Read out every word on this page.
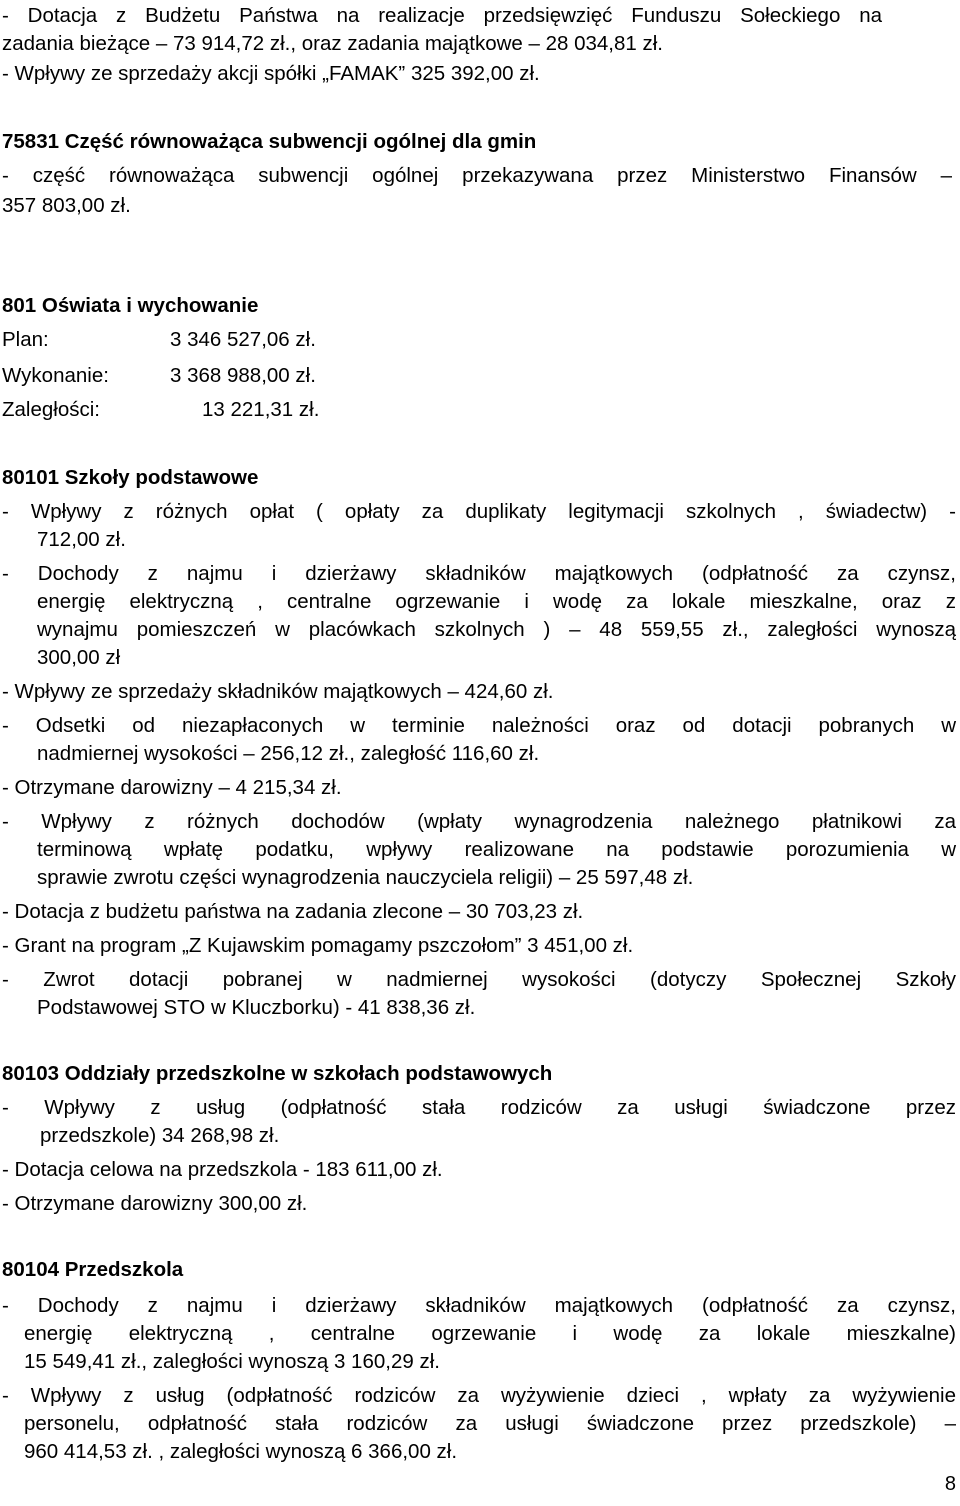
- Dotacja z Budżetu Państwa na realizacje przedsięwzięć Funduszu Sołeckiego na

zadania bieżące – 73 914,72 zł., oraz zadania majątkowe – 28 034,81 zł.

- Wpływy ze sprzedaży akcji spółki „FAMAK” 325 392,00 zł.

75831 Część równoważąca subwencji ogólnej dla gmin

- część równoważąca subwencji ogólnej przekazywana przez Ministerstwo Finansów –

357 803,00 zł.

801 Oświata i wychowanie

Plan:	3 346 527,06 zł.

Wykonanie:	3 368 988,00 zł.

Zaległości:	13 221,31 zł.

80101 Szkoły podstawowe

- Wpływy z różnych opłat ( opłaty za duplikaty legitymacji szkolnych , świadectw) -

712,00 zł.

- Dochody z najmu i dzierżawy składników majątkowych (odpłatność za czynsz,

energię elektryczną , centralne ogrzewanie i wodę za lokale mieszkalne, oraz z

wynajmu pomieszczeń w placówkach szkolnych ) – 48 559,55 zł., zaległości wynoszą

300,00 zł

- Wpływy ze sprzedaży składników majątkowych – 424,60 zł.

- Odsetki od niezapłaconych w terminie należności oraz od dotacji pobranych w

nadmiernej wysokości – 256,12 zł., zaległość 116,60 zł.

- Otrzymane darowizny – 4 215,34 zł.

- Wpływy z różnych dochodów (wpłaty wynagrodzenia należnego płatnikowi za

terminową wpłatę podatku, wpływy realizowane na podstawie porozumienia w

sprawie zwrotu części wynagrodzenia nauczyciela religii) – 25 597,48 zł.

- Dotacja z budżetu państwa na zadania zlecone – 30 703,23 zł.

- Grant na program „Z Kujawskim pomagamy pszczołom” 3 451,00 zł.

- Zwrot dotacji pobranej w nadmiernej wysokości (dotyczy Społecznej Szkoły

Podstawowej STO w Kluczborku) - 41 838,36 zł.

80103 Oddziały przedszkolne w szkołach podstawowych

- Wpływy z usług (odpłatność stała rodziców za usługi świadczone przez

przedszkole) 34 268,98 zł.

- Dotacja celowa na przedszkola - 183 611,00 zł.

- Otrzymane darowizny 300,00 zł.

80104 Przedszkola

- Dochody z najmu i dzierżawy składników majątkowych (odpłatność za czynsz,

energię elektryczną , centralne ogrzewanie i wodę za lokale mieszkalne)

15 549,41 zł., zaległości wynoszą 3 160,29 zł.

- Wpływy z usług (odpłatność rodziców za wyżywienie dzieci , wpłaty za wyżywienie

personelu, odpłatność stała rodziców za usługi świadczone przez przedszkole) –

960 414,53 zł. , zaległości wynoszą 6 366,00 zł.

8
